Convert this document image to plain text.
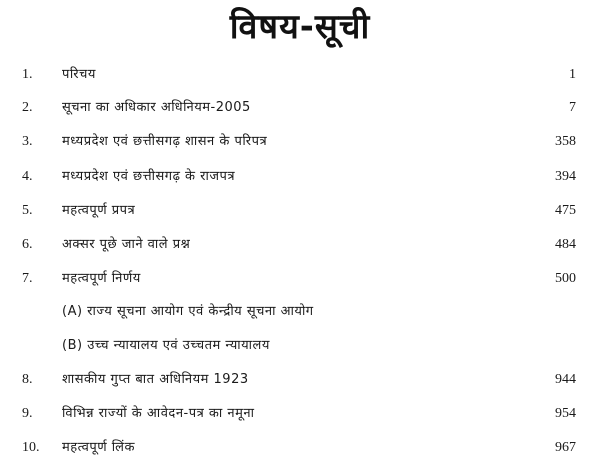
विषय-सूची
1. परिचय	1
2. सूचना का अधिकार अधिनियम-2005	7
3. मध्यप्रदेश एवं छत्तीसगढ़ शासन के परिपत्र	358
4. मध्यप्रदेश एवं छत्तीसगढ़ के राजपत्र	394
5. महत्वपूर्ण प्रपत्र	475
6. अक्सर पूछे जाने वाले प्रश्न	484
7. महत्वपूर्ण निर्णय	500
(A) राज्य सूचना आयोग एवं केन्द्रीय सूचना आयोग
(B) उच्च न्यायालय एवं उच्चतम न्यायालय
8. शासकीय गुप्त बात अधिनियम 1923	944
9. विभिन्न राज्यों के आवेदन-पत्र का नमूना	954
10. महत्वपूर्ण लिंक	967
